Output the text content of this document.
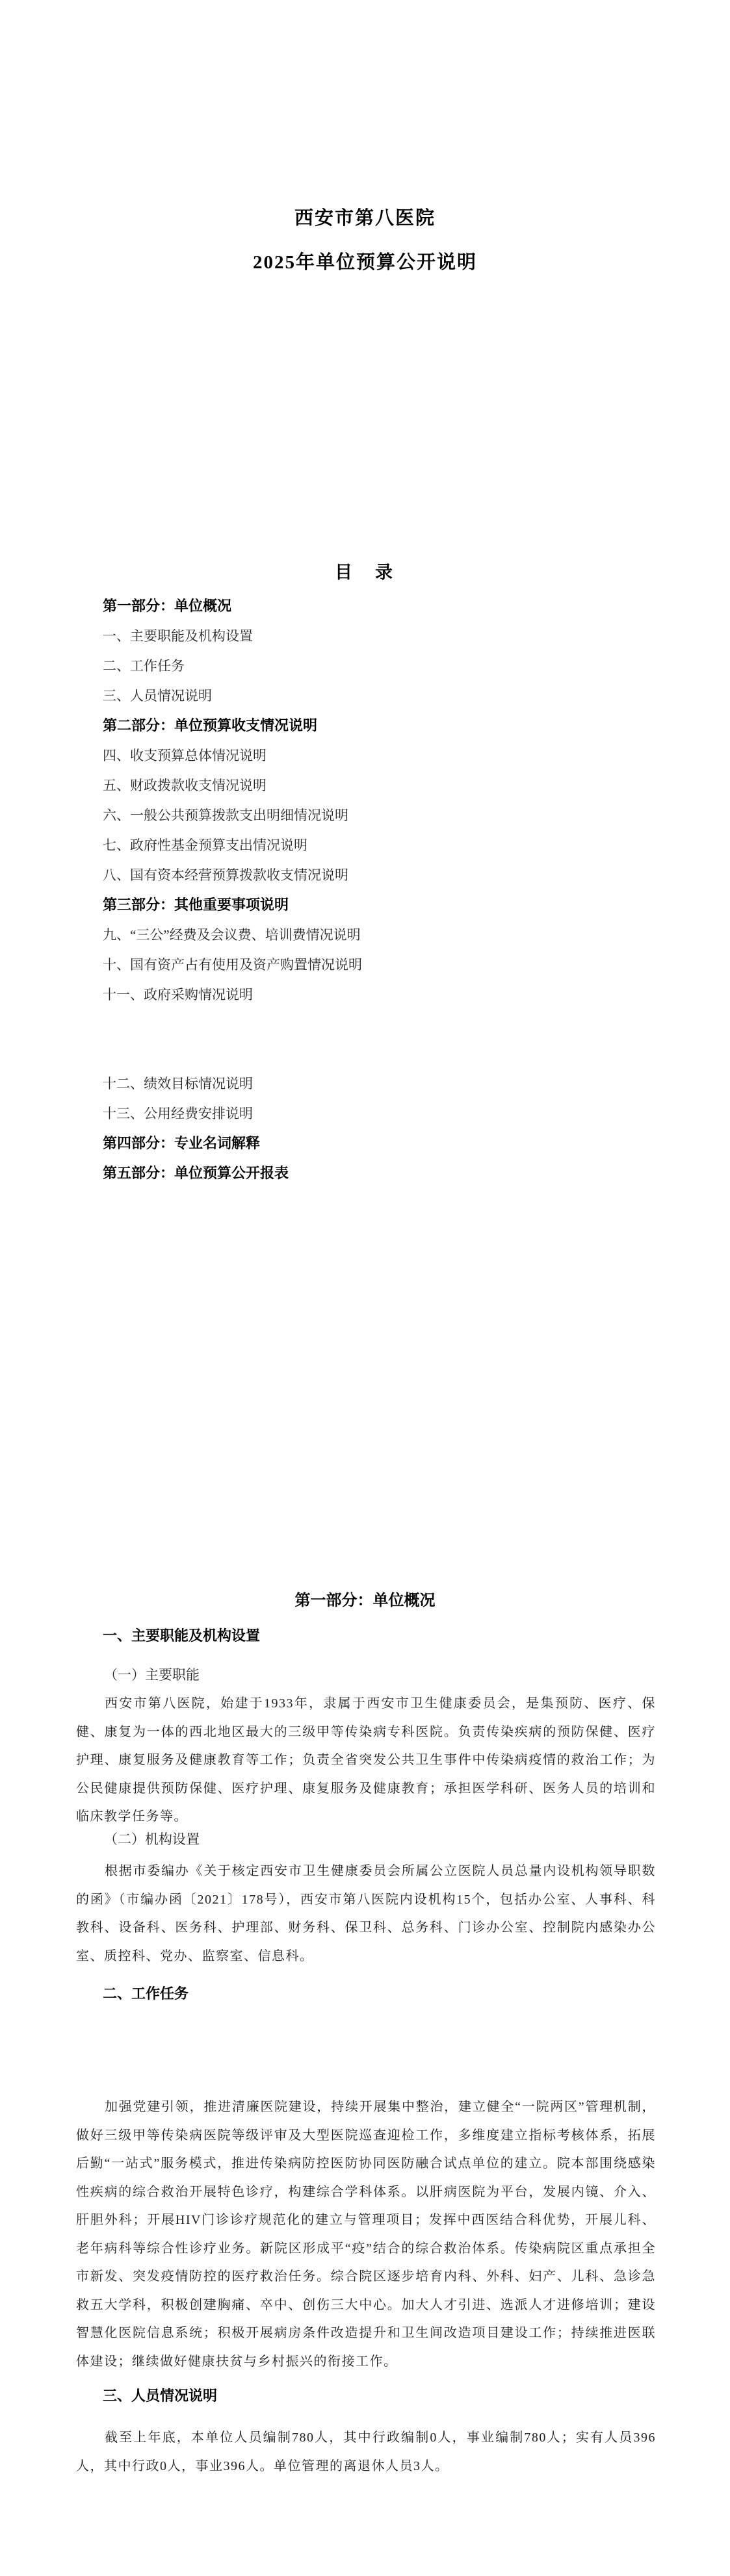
西安市第八医院
2025年单位预算公开说明
目　录
第一部分：单位概况
一、主要职能及机构设置
二、工作任务
三、人员情况说明
第二部分：单位预算收支情况说明
四、收支预算总体情况说明
五、财政拨款收支情况说明
六、一般公共预算拨款支出明细情况说明
七、政府性基金预算支出情况说明
八、国有资本经营预算拨款收支情况说明
第三部分：其他重要事项说明
九、“三公”经费及会议费、培训费情况说明
十、国有资产占有使用及资产购置情况说明
十一、政府采购情况说明
十二、绩效目标情况说明
十三、公用经费安排说明
第四部分：专业名词解释
第五部分：单位预算公开报表
第一部分：单位概况
一、主要职能及机构设置
（一）主要职能
西安市第八医院，始建于1933年，隶属于西安市卫生健康委员会，是集预防、医疗、保健、康复为一体的西北地区最大的三级甲等传染病专科医院。负责传染疾病的预防保健、医疗护理、康复服务及健康教育等工作；负责全省突发公共卫生事件中传染病疫情的救治工作；为公民健康提供预防保健、医疗护理、康复服务及健康教育；承担医学科研、医务人员的培训和临床教学任务等。
（二）机构设置
根据市委编办《关于核定西安市卫生健康委员会所属公立医院人员总量内设机构领导职数的函》（市编办函〔2021〕178号），西安市第八医院内设机构15个，包括办公室、人事科、科教科、设备科、医务科、护理部、财务科、保卫科、总务科、门诊办公室、控制院内感染办公室、质控科、党办、监察室、信息科。
二、工作任务
加强党建引领，推进清廉医院建设，持续开展集中整治，建立健全“一院两区”管理机制，做好三级甲等传染病医院等级评审及大型医院巡查迎检工作，多维度建立指标考核体系，拓展后勤“一站式”服务模式，推进传染病防控医防协同医防融合试点单位的建立。院本部围绕感染性疾病的综合救治开展特色诊疗，构建综合学科体系。以肝病医院为平台，发展内镜、介入、肝胆外科；开展HIV门诊诊疗规范化的建立与管理项目；发挥中西医结合科优势，开展儿科、老年病科等综合性诊疗业务。新院区形成平“疫”结合的综合救治体系。传染病院区重点承担全市新发、突发疫情防控的医疗救治任务。综合院区逐步培育内科、外科、妇产、儿科、急诊急救五大学科，积极创建胸痛、卒中、创伤三大中心。加大人才引进、选派人才进修培训；建设智慧化医院信息系统；积极开展病房条件改造提升和卫生间改造项目建设工作；持续推进医联体建设；继续做好健康扶贫与乡村振兴的衔接工作。
三、人员情况说明
截至上年底，本单位人员编制780人，其中行政编制0人，事业编制780人；实有人员396人，其中行政0人，事业396人。单位管理的离退休人员3人。
